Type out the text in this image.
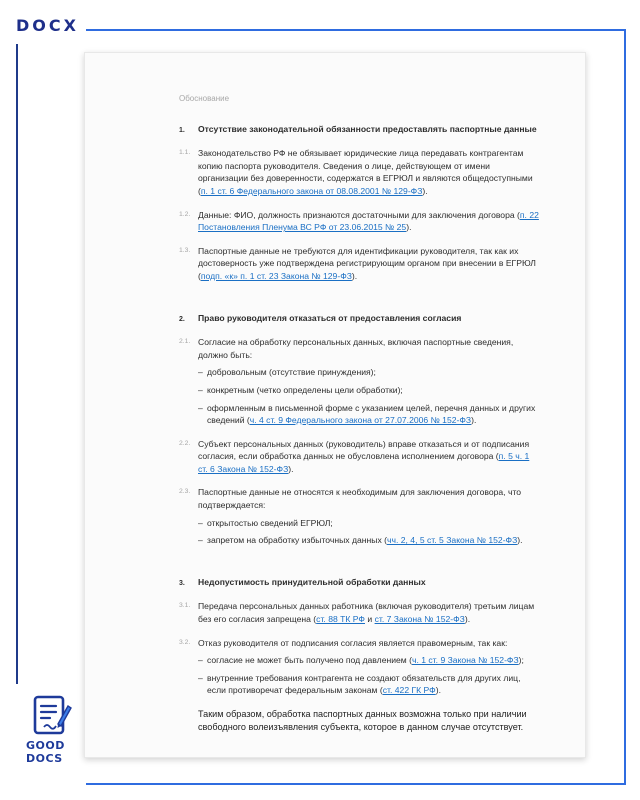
DOCX
Обоснование
1.	Отсутствие законодательной обязанности предоставлять паспортные данные
1.1. Законодательство РФ не обязывает юридические лица передавать контрагентам копию паспорта руководителя. Сведения о лице, действующем от имени организации без доверенности, содержатся в ЕГРЮЛ и являются общедоступными (п. 1 ст. 6 Федерального закона от 08.08.2001 № 129-ФЗ).
1.2. Данные: ФИО, должность признаются достаточными для заключения договора (п. 22 Постановления Пленума ВС РФ от 23.06.2015 № 25).
1.3. Паспортные данные не требуются для идентификации руководителя, так как их достоверность уже подтверждена регистрирующим органом при внесении в ЕГРЮЛ (подп. «к» п. 1 ст. 23 Закона № 129-ФЗ).
2.	Право руководителя отказаться от предоставления согласия
2.1. Согласие на обработку персональных данных, включая паспортные сведения, должно быть:
– добровольным (отсутствие принуждения);
– конкретным (четко определены цели обработки);
– оформленным в письменной форме с указанием целей, перечня данных и других сведений (ч. 4 ст. 9 Федерального закона от 27.07.2006 № 152-ФЗ).
2.2. Субъект персональных данных (руководитель) вправе отказаться и от подписания согласия, если обработка данных не обусловлена исполнением договора (п. 5 ч. 1 ст. 6 Закона № 152-ФЗ).
2.3. Паспортные данные не относятся к необходимым для заключения договора, что подтверждается:
– открытостью сведений ЕГРЮЛ;
– запретом на обработку избыточных данных (чч. 2, 4, 5 ст. 5 Закона № 152-ФЗ).
3.	Недопустимость принудительной обработки данных
3.1. Передача персональных данных работника (включая руководителя) третьим лицам без его согласия запрещена (ст. 88 ТК РФ и ст. 7 Закона № 152-ФЗ).
3.2. Отказ руководителя от подписания согласия является правомерным, так как:
– согласие не может быть получено под давлением (ч. 1 ст. 9 Закона № 152-ФЗ);
– внутренние требования контрагента не создают обязательств для других лиц, если противоречат федеральным законам (ст. 422 ГК РФ).
Таким образом, обработка паспортных данных возможна только при наличии свободного волеизъявления субъекта, которое в данном случае отсутствует.
GOOD
DOCS
